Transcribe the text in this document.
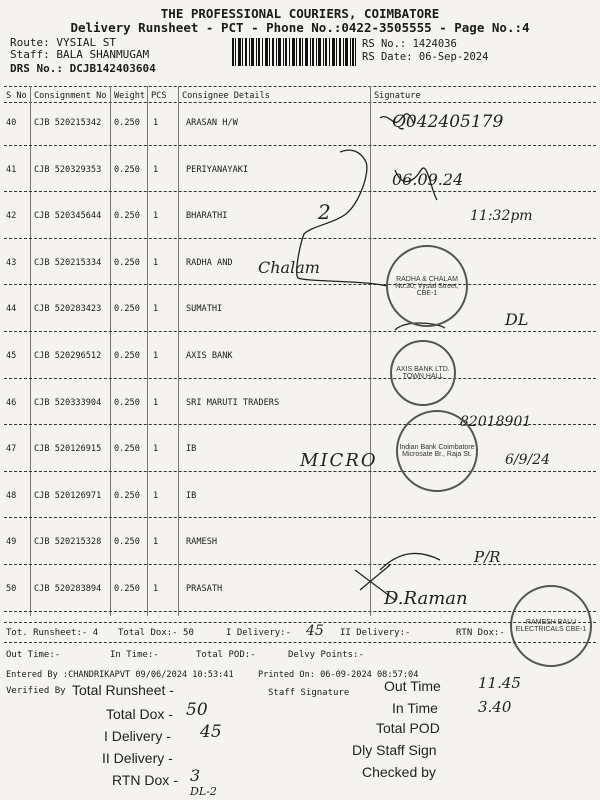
THE PROFESSIONAL COURIERS, COIMBATORE
Delivery Runsheet - PCT - Phone No.:0422-3505555 - Page No.:4
Route: VYSIAL ST
Staff: BALA SHANMUGAM
DRS No.: DCJB142403604
RS No.: 1424036
RS Date: 06-Sep-2024
S No Consignment No Weight PCS Consignee Details	Signature
40 CJB 520215342 0.250 1	ARASAN H/W
41 CJB 520329353 0.250 1	PERIYANAYAKI
42 CJB 520345644 0.250 1	BHARATHI
43 CJB 520215334 0.250 1	RADHA AND
44 CJB 520283423 0.250 1	SUMATHI
45 CJB 520296512 0.250 1	AXIS BANK
46 CJB 520333904 0.250 1	SRI MARUTI TRADERS
47 CJB 520126915 0.250 1	IB
48 CJB 520126971 0.250 1	IB
49 CJB 520215328 0.250 1	RAMESH
50 CJB 520283894 0.250 1	PRASATH
Q042405179
06.09.24
11:32pm
2
Chalam
DL
82018901
MICRO	6/9/24
P/R
D.Raman
RADHA & CHALAM No.30, Vysial Street, CBE-1
AXIS BANK LTD. TOWN HALL
Indian Bank Coimbatore Microsate Br., Raja St.
RAMESH BALU ELECTRICALS CBE-1
Tot. Runsheet:- 4 Total Dox:- 50	I Delivery:- 45 II Delivery:-	RTN Dox:-
Out Time:-	In Time:-	Total POD:-	Delvy Points:-
Entered By :CHANDRIKAPVT 09/06/2024 10:53:41	Printed On: 06-09-2024 08:57:04
Verified By	Staff Signature
Total Runsheet -
Total Dox - 50
I Delivery - 45
II Delivery -
RTN Dox - 3
DL-2
Out Time 11.45
In Time	3.40
Total POD
Dly Staff Sign
Checked by
